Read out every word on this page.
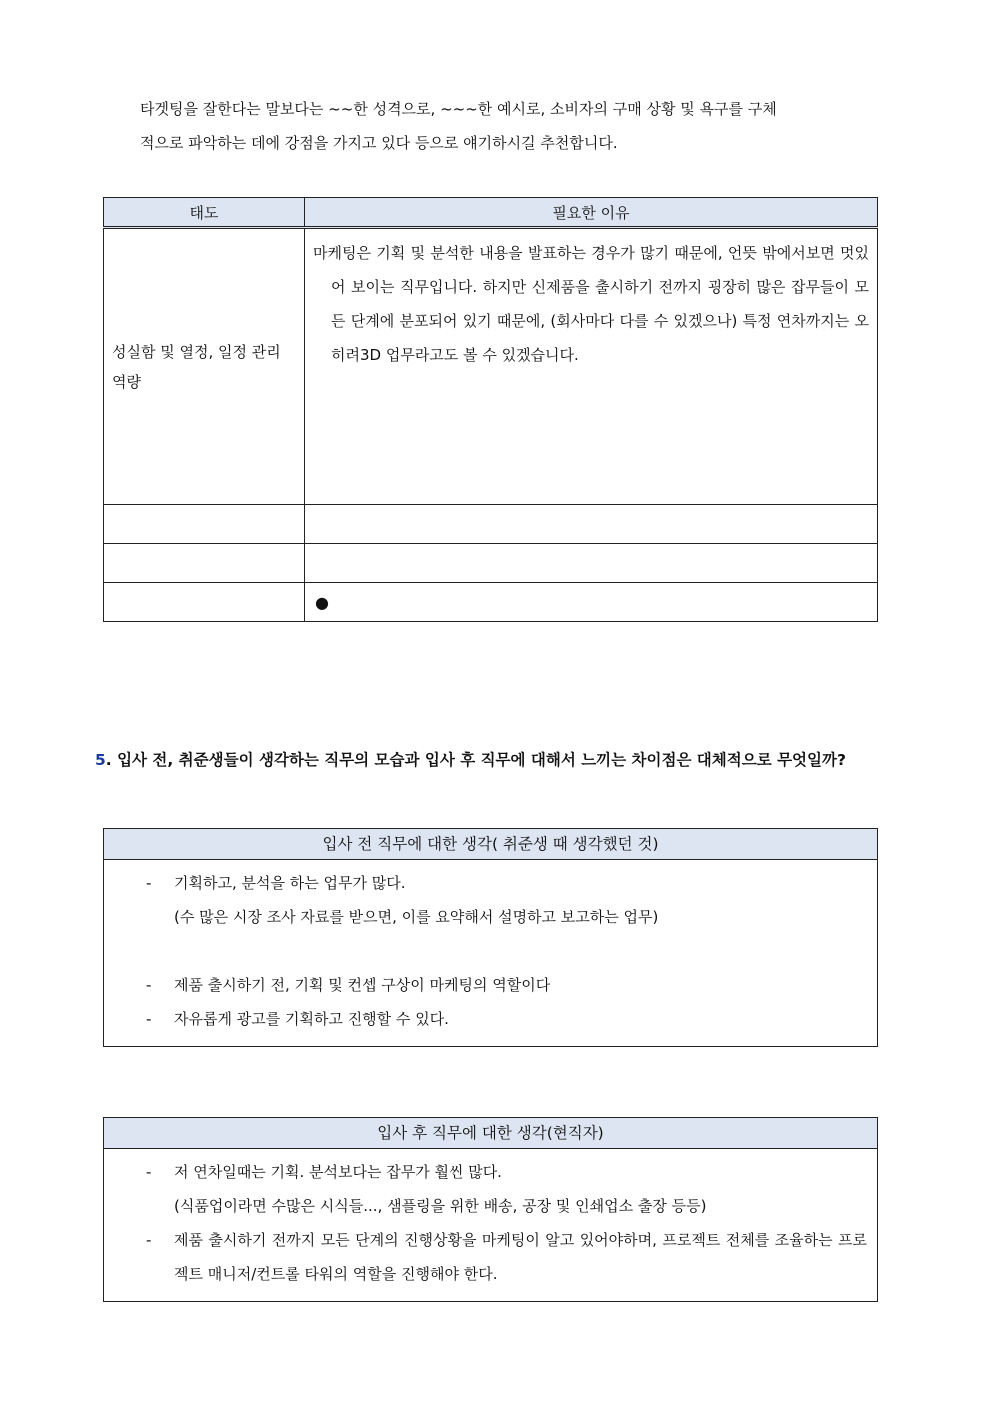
타겟팅을 잘한다는 말보다는 ~~한 성격으로, ~~~한 예시로, 소비자의 구매 상황 및 욕구를 구체

적으로 파악하는 데에 강점을 가지고 있다 등으로 얘기하시길 추천합니다.

태도	필요한 이유
성실함 및 열정, 일정 관리 역량	마케팅은 기획 및 분석한 내용을 발표하는 경우가 많기 때문에, 언뜻 밖에서보면 멋있어 보이는 직무입니다. 하지만 신제품을 출시하기 전까지 굉장히 많은 잡무들이 모든 단계에 분포되어 있기 때문에, (회사마다 다를 수 있겠으나) 특정 연차까지는 오히려3D 업무라고도 볼 수 있겠습니다.

	●
5. 입사 전, 취준생들이 생각하는 직무의 모습과 입사 후 직무에 대해서 느끼는 차이점은 대체적으로 무엇일까?
입사 전 직무에 대한 생각( 취준생 때 생각했던 것)

- 기획하고, 분석을 하는 업무가 많다.
(수 많은 시장 조사 자료를 받으면, 이를 요약해서 설명하고 보고하는 업무)
- 제품 출시하기 전, 기획 및 컨셉 구상이 마케팅의 역할이다
- 자유롭게 광고를 기획하고 진행할 수 있다.
입사 후 직무에 대한 생각(현직자)

- 저 연차일때는 기획. 분석보다는 잡무가 훨씬 많다.
(식품업이라면 수많은 시식들..., 샘플링을 위한 배송, 공장 및 인쇄업소 출장 등등)
- 제품 출시하기 전까지 모든 단계의 진행상황을 마케팅이 알고 있어야하며, 프로젝트 전체를 조율하는 프로젝트 매니저/컨트롤 타워의 역할을 진행해야 한다.
